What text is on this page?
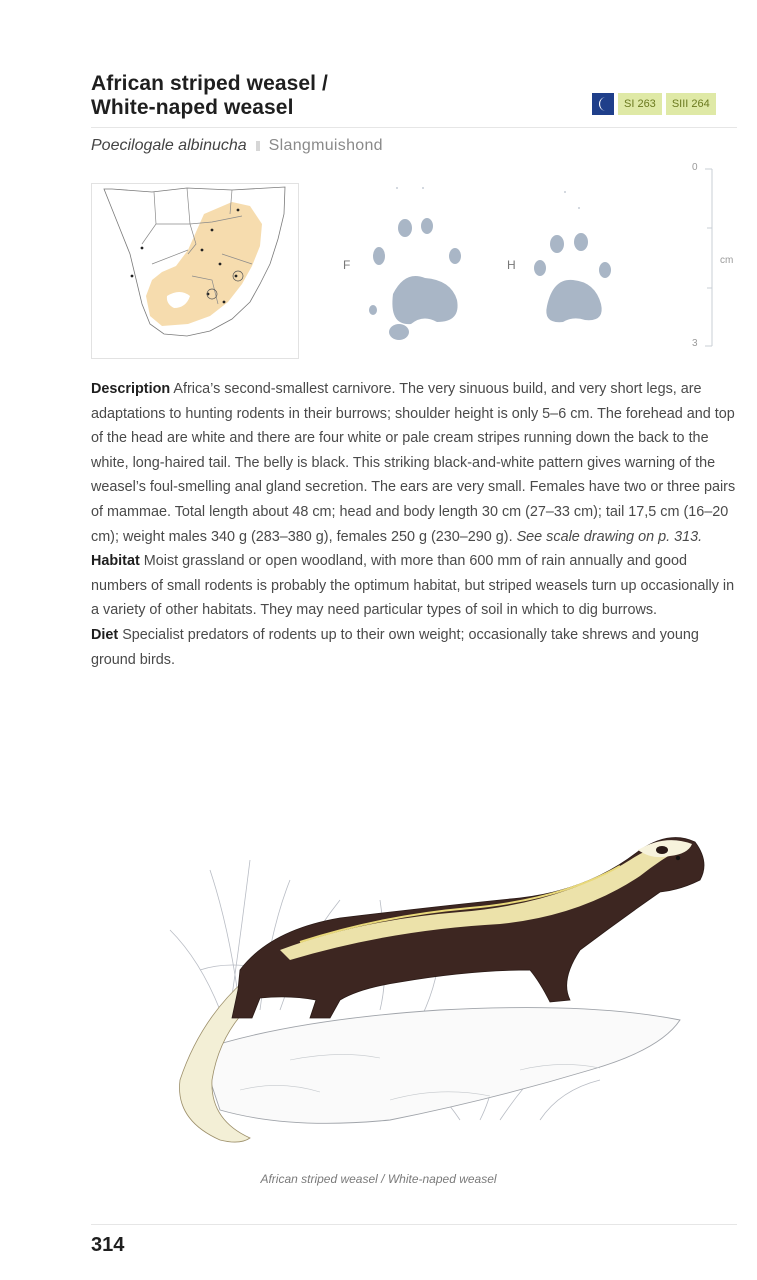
African striped weasel /
White-naped weasel	SI 263	SIII 264
Poecilogale albinucha Slangmuishond
F	H
0
cm
3

Description Africa’s second-smallest carnivore. The very sinuous build, and very short legs, are adaptations to hunting rodents in their burrows; shoulder height is only 5–6 cm. The forehead and top of the head are white and there are four white or pale cream stripes running down the back to the white, long-haired tail. The belly is black. This striking black-and-white pattern gives warning of the weasel’s foul-smelling anal gland secretion. The ears are very small. Females have two or three pairs of mammae. Total length about 48 cm; head and body length 30 cm (27–33 cm); tail 17,5 cm (16–20 cm); weight males 340 g (283–380 g), females 250 g (230–290 g). See scale drawing on p. 313.

Habitat Moist grassland or open woodland, with more than 600 mm of rain annually and good numbers of small rodents is probably the optimum habitat, but striped weasels turn up occasionally in a variety of other habitats. They may need particular types of soil in which to dig burrows.

Diet Specialist predators of rodents up to their own weight; occasionally take shrews and young ground birds.

African striped weasel / White-naped weasel
314
